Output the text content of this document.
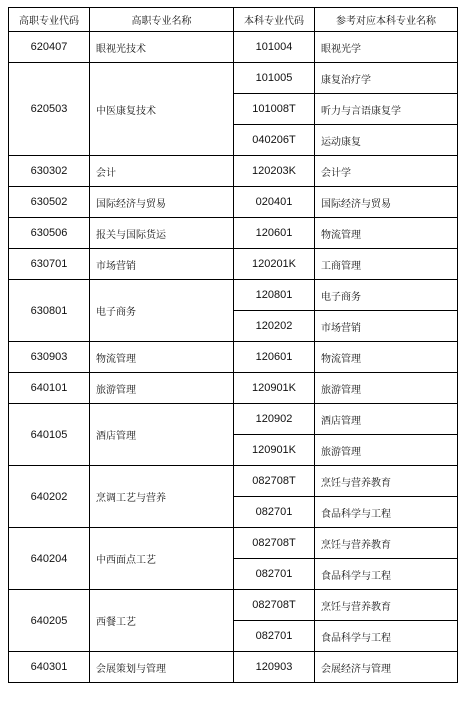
高职专业代码	高职专业名称	本科专业代码	参考对应本科专业名称
620407	眼视光技术	101004	眼视光学
620503	中医康复技术	101005	康复治疗学
		101008T	听力与言语康复学
		040206T	运动康复
630302	会计	120203K	会计学
630502	国际经济与贸易	020401	国际经济与贸易
630506	报关与国际货运	120601	物流管理
630701	市场营销	120201K	工商管理
630801	电子商务	120801	电子商务
		120202	市场营销
630903	物流管理	120601	物流管理
640101	旅游管理	120901K	旅游管理
640105	酒店管理	120902	酒店管理
		120901K	旅游管理
640202	烹调工艺与营养	082708T	烹饪与营养教育
		082701	食品科学与工程
640204	中西面点工艺	082708T	烹饪与营养教育
		082701	食品科学与工程
640205	西餐工艺	082708T	烹饪与营养教育
		082701	食品科学与工程
640301	会展策划与管理	120903	会展经济与管理
